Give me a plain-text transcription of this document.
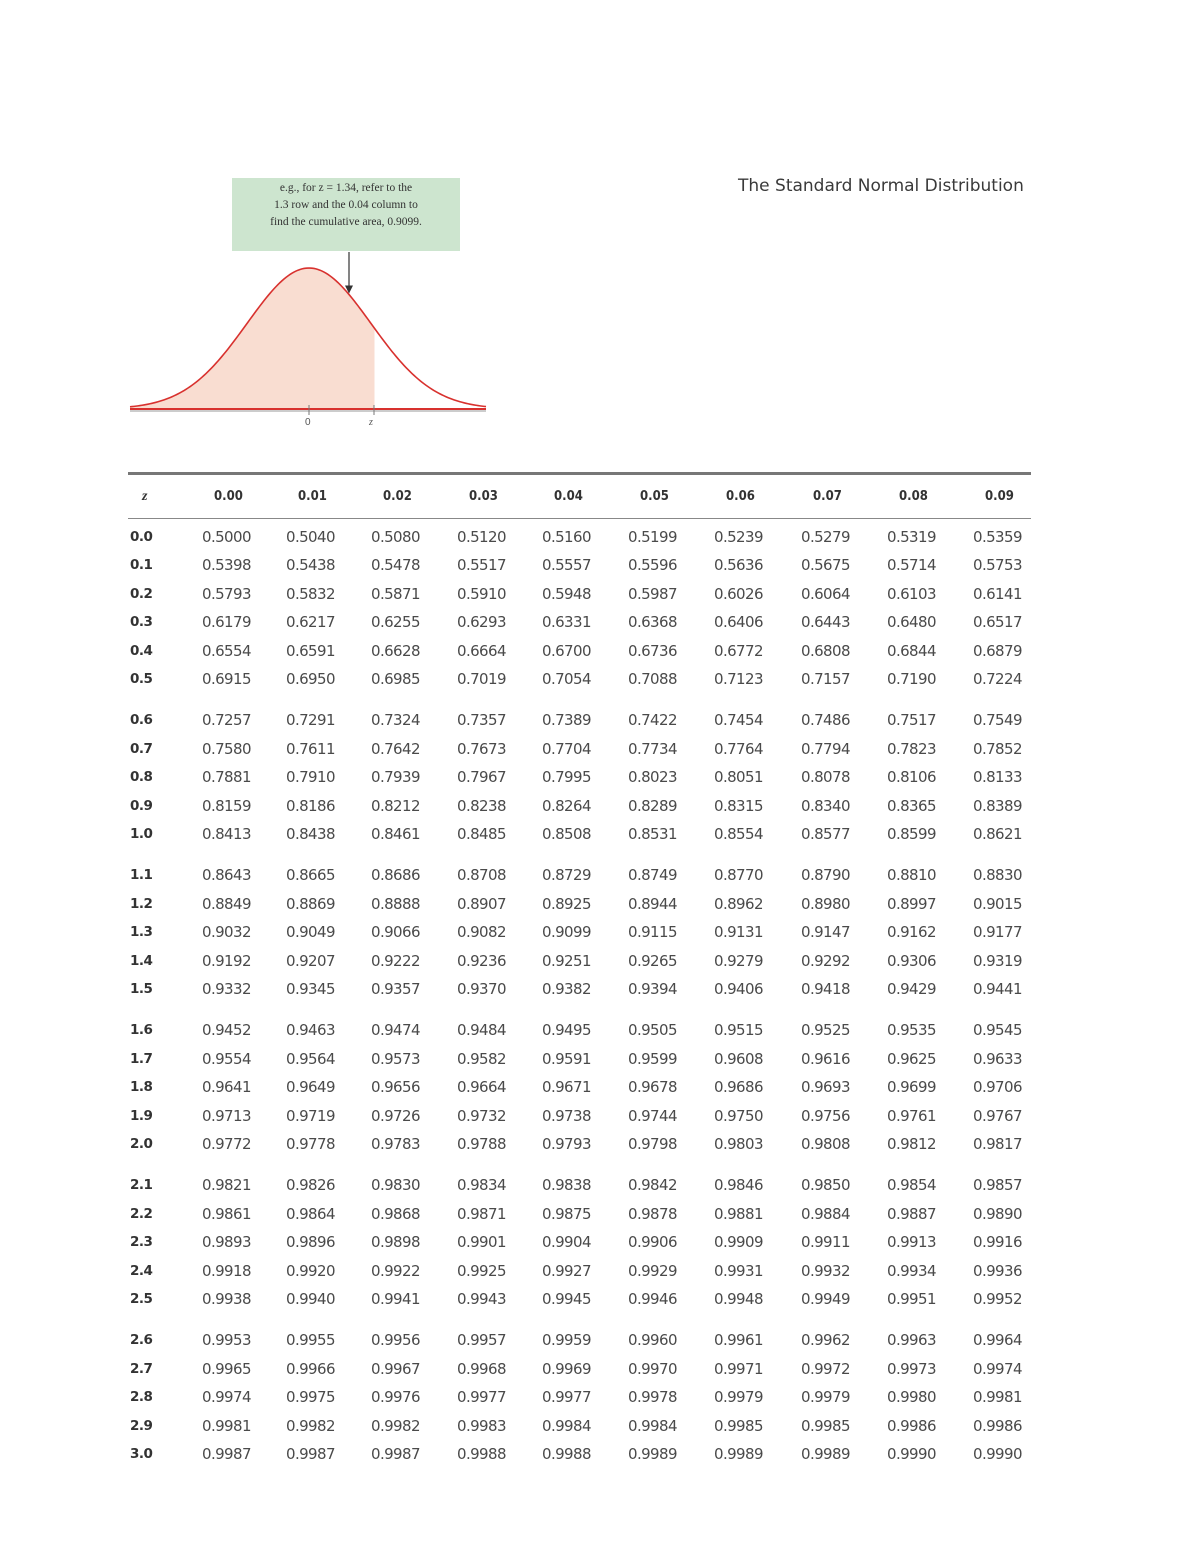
The Standard Normal Distribution
e.g., for z = 1.34, refer to the
1.3 row and the 0.04 column to
find the cumulative area, 0.9099.
0	z
z	0.00	0.01	0.02	0.03	0.04	0.05	0.06	0.07	0.08	0.09
0.0	0.5000 0.5040 0.5080 0.5120 0.5160 0.5199 0.5239	0.5279 0.5319 0.5359
0.1	0.5398 0.5438 0.5478 0.5517 0.5557 0.5596 0.5636	0.5675 0.5714 0.5753
0.2	0.5793 0.5832 0.5871 0.5910 0.5948 0.5987 0.6026	0.6064 0.6103 0.6141
0.3	0.6179 0.6217 0.6255 0.6293 0.6331 0.6368 0.6406	0.6443 0.6480 0.6517
0.4	0.6554 0.6591 0.6628 0.6664 0.6700 0.6736 0.6772	0.6808 0.6844 0.6879
0.5	0.6915 0.6950 0.6985 0.7019 0.7054 0.7088 0.7123	0.7157 0.7190 0.7224
0.6	0.7257 0.7291 0.7324 0.7357 0.7389 0.7422 0.7454	0.7486 0.7517 0.7549
0.7	0.7580 0.7611 0.7642 0.7673 0.7704 0.7734 0.7764	0.7794 0.7823 0.7852
0.8	0.7881 0.7910 0.7939 0.7967 0.7995 0.8023 0.8051	0.8078 0.8106 0.8133
0.9	0.8159 0.8186 0.8212 0.8238 0.8264 0.8289 0.8315	0.8340 0.8365 0.8389
1.0	0.8413 0.8438 0.8461 0.8485 0.8508 0.8531 0.8554	0.8577 0.8599 0.8621
1.1	0.8643 0.8665 0.8686 0.8708 0.8729 0.8749 0.8770	0.8790 0.8810 0.8830
1.2	0.8849 0.8869 0.8888 0.8907 0.8925 0.8944 0.8962	0.8980 0.8997 0.9015
1.3	0.9032 0.9049 0.9066 0.9082 0.9099 0.9115 0.9131	0.9147 0.9162 0.9177
1.4	0.9192 0.9207 0.9222 0.9236 0.9251 0.9265 0.9279	0.9292 0.9306 0.9319
1.5	0.9332 0.9345 0.9357 0.9370 0.9382 0.9394 0.9406	0.9418 0.9429 0.9441
1.6	0.9452 0.9463 0.9474 0.9484 0.9495 0.9505 0.9515	0.9525 0.9535 0.9545
1.7	0.9554 0.9564 0.9573 0.9582 0.9591 0.9599 0.9608	0.9616 0.9625 0.9633
1.8	0.9641 0.9649 0.9656 0.9664 0.9671 0.9678 0.9686	0.9693 0.9699 0.9706
1.9	0.9713 0.9719 0.9726 0.9732 0.9738 0.9744 0.9750	0.9756 0.9761 0.9767
2.0	0.9772 0.9778 0.9783 0.9788 0.9793 0.9798 0.9803	0.9808 0.9812 0.9817
2.1	0.9821 0.9826 0.9830 0.9834 0.9838 0.9842 0.9846	0.9850 0.9854 0.9857
2.2	0.9861 0.9864 0.9868 0.9871 0.9875 0.9878 0.9881	0.9884 0.9887 0.9890
2.3	0.9893 0.9896 0.9898 0.9901 0.9904 0.9906 0.9909	0.9911 0.9913 0.9916
2.4	0.9918 0.9920 0.9922 0.9925 0.9927 0.9929 0.9931	0.9932 0.9934 0.9936
2.5	0.9938 0.9940 0.9941 0.9943 0.9945 0.9946 0.9948	0.9949 0.9951 0.9952
2.6	0.9953 0.9955 0.9956 0.9957 0.9959 0.9960 0.9961	0.9962 0.9963 0.9964
2.7	0.9965 0.9966 0.9967 0.9968 0.9969 0.9970 0.9971	0.9972 0.9973 0.9974
2.8	0.9974 0.9975 0.9976 0.9977 0.9977 0.9978 0.9979	0.9979 0.9980 0.9981
2.9	0.9981 0.9982 0.9982 0.9983 0.9984 0.9984 0.9985	0.9985 0.9986 0.9986
3.0	0.9987 0.9987 0.9987 0.9988 0.9988 0.9989 0.9989	0.9989 0.9990 0.9990
